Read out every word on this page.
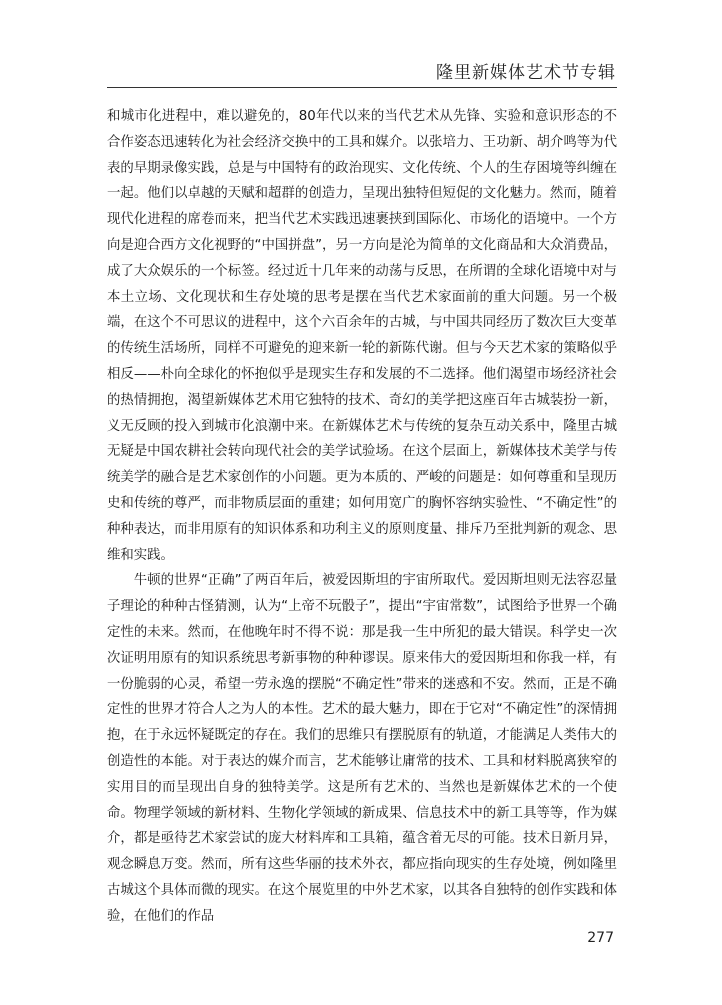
隆里新媒体艺术节专辑

和城市化进程中，难以避免的，80年代以来的当代艺术从先锋、实验和意识形态的不合作姿态迅速转化为社会经济交换中的工具和媒介。以张培力、王功新、胡介鸣等为代表的早期录像实践，总是与中国特有的政治现实、文化传统、个人的生存困境等纠缠在一起。他们以卓越的天赋和超群的创造力，呈现出独特但短促的文化魅力。然而，随着现代化进程的席卷而来，把当代艺术实践迅速裹挟到国际化、市场化的语境中。一个方向是迎合西方文化视野的“中国拼盘”，另一方向是沦为简单的文化商品和大众消费品，成了大众娱乐的一个标签。经过近十几年来的动荡与反思，在所谓的全球化语境中对与本土立场、文化现状和生存处境的思考是摆在当代艺术家面前的重大问题。另一个极端，在这个不可思议的进程中，这个六百余年的古城，与中国共同经历了数次巨大变革的传统生活场所，同样不可避免的迎来新一轮的新陈代谢。但与今天艺术家的策略似乎相反——朴向全球化的怀抱似乎是现实生存和发展的不二选择。他们渴望市场经济社会的热情拥抱，渴望新媒体艺术用它独特的技术、奇幻的美学把这座百年古城装扮一新，义无反顾的投入到城市化浪潮中来。在新媒体艺术与传统的复杂互动关系中，隆里古城无疑是中国农耕社会转向现代社会的美学试验场。在这个层面上，新媒体技术美学与传统美学的融合是艺术家创作的小问题。更为本质的、严峻的问题是：如何尊重和呈现历史和传统的尊严，而非物质层面的重建；如何用宽广的胸怀容纳实验性、“不确定性”的种种表达，而非用原有的知识体系和功利主义的原则度量、排斥乃至批判新的观念、思维和实践。

牛顿的世界“正确”了两百年后，被爱因斯坦的宇宙所取代。爱因斯坦则无法容忍量子理论的种种古怪猜测，认为“上帝不玩骰子”，提出“宇宙常数”，试图给予世界一个确定性的未来。然而，在他晚年时不得不说：那是我一生中所犯的最大错误。科学史一次次证明用原有的知识系统思考新事物的种种谬误。原来伟大的爱因斯坦和你我一样，有一份脆弱的心灵，希望一劳永逸的摆脱“不确定性”带来的迷惑和不安。然而，正是不确定性的世界才符合人之为人的本性。艺术的最大魅力，即在于它对“不确定性”的深情拥抱，在于永远怀疑既定的存在。我们的思维只有摆脱原有的轨道，才能满足人类伟大的创造性的本能。对于表达的媒介而言，艺术能够让庸常的技术、工具和材料脱离狭窄的实用目的而呈现出自身的独特美学。这是所有艺术的、当然也是新媒体艺术的一个使命。物理学领域的新材料、生物化学领域的新成果、信息技术中的新工具等等，作为媒介，都是亟待艺术家尝试的庞大材料库和工具箱，蕴含着无尽的可能。技术日新月异，观念瞬息万变。然而，所有这些华丽的技术外衣，都应指向现实的生存处境，例如隆里古城这个具体而微的现实。在这个展览里的中外艺术家，以其各自独特的创作实践和体验，在他们的作品

277
